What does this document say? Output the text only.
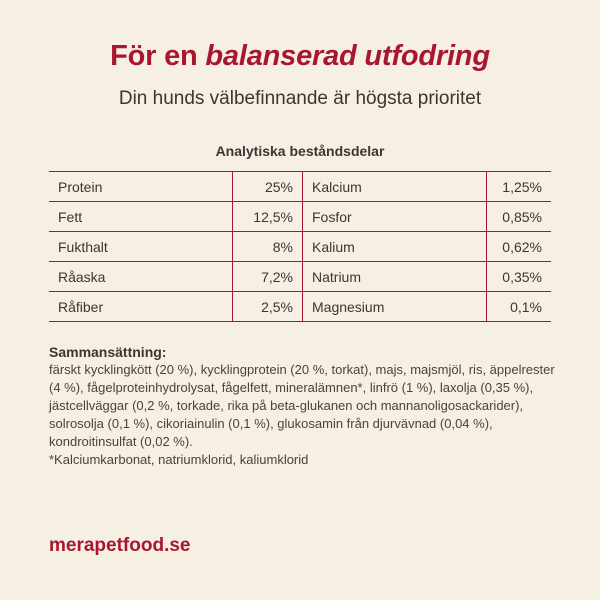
För en balanserad utfodring
Din hunds välbefinnande är högsta prioritet
Analytiska beståndsdelar
Protein	25%	Kalcium	1,25%
Fett	12,5%	Fosfor	0,85%
Fukthalt	8%	Kalium	0,62%
Råaska	7,2%	Natrium	0,35%
Råfiber	2,5%	Magnesium	0,1%
Sammansättning:

färskt kycklingkött (20 %), kycklingprotein (20 %, torkat), majs, majsmjöl, ris, äppelrester (4 %), fågelproteinhydrolysat, fågelfett, mineralämnen*, linfrö (1 %), laxolja (0,35 %), jästcellväggar (0,2 %, torkade, rika på beta-glukanen och mannanoligosackarider), solrosolja (0,1 %), cikoriainulin (0,1 %), glukosamin från djurvävnad (0,04 %), kondroitinsulfat (0,02 %).

*Kalciumkarbonat, natriumklorid, kaliumklorid

merapetfood.se
